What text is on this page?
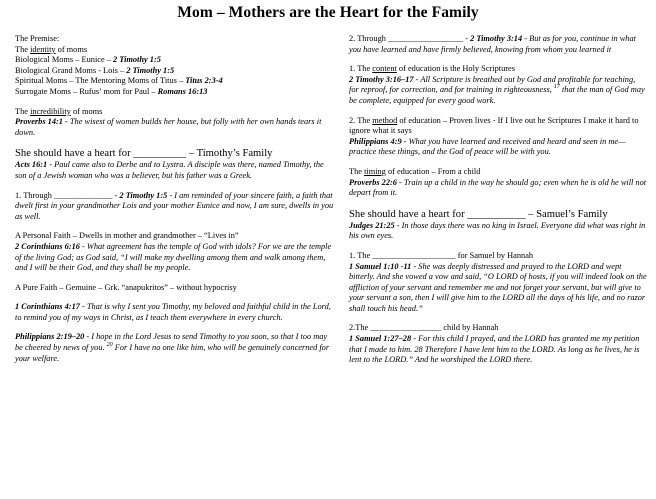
Mom – Mothers are the Heart for the Family
The Premise:
The identity of moms
Biological Moms – Eunice – 2 Timothy 1:5
Biological Grand Moms - Lois – 2 Timothy 1:5
Spiritual Moms – The Mentoring Moms of Titus – Titus 2:3-4
Surrogate Moms – Rufus’ mom for Paul – Romans 16:13
The incredibility of moms
Proverbs 14:1 - The wisest of women builds her house, but folly with her own hands tears it down.
She should have a heart for __________ – Timothy’s Family
Acts 16:1 - Paul came also to Derbe and to Lystra. A disciple was there, named Timothy, the son of a Jewish woman who was a believer, but his father was a Greek.
1. Through ______________ - 2 Timothy 1:5 - I am reminded of your sincere faith, a faith that dwelt first in your grandmother Lois and your mother Eunice and now, I am sure, dwells in you as well.
A Personal Faith – Dwells in mother and grandmother – “Lives in”
2 Corinthians 6:16 - What agreement has the temple of God with idols? For we are the temple of the living God; as God said, “I will make my dwelling among them and walk among them, and I will be their God, and they shall be my people.
A Pure Faith – Gemuine – Grk. “anapukritos” – without hypocrisy
1 Corinthians 4:17 - That is why I sent you Timothy, my beloved and faithful child in the Lord, to remind you of my ways in Christ, as I teach them everywhere in every church.
Philippians 2:19–20 - I hope in the Lord Jesus to send Timothy to you soon, so that I too may be cheered by news of you. $^{20}$ For I have no one like him, who will be genuinely concerned for your welfare.
2. Through __________________ - 2 Timothy 3:14 - But as for you, continue in what you have learned and have firmly believed, knowing from whom you learned it
1. The content of education is the Holy Scriptures
2 Timothy 3:16–17 - All Scripture is breathed out by God and profitable for teaching, for reproof, for correction, and for training in righteousness, $^{17}$ that the man of God may be complete, equipped for every good work.
2. The method of education – Proven lives - If I live out he Scriptures I make it hard to ignore what it says
Philippians 4:9 - What you have learned and received and heard and seen in me—practice these things, and the God of peace will be with you.
The timing of education – From a child
Proverbs 22:6 - Train up a child in the way he should go; even when he is old he will not depart from it.
She should have a heart for ___________ – Samuel’s Family
Judges 21:25 - In those days there was no king in Israel. Everyone did what was right in his own eyes.
1. The ____________________ for Samuel by Hannah
1 Samuel 1:10 -11 - She was deeply distressed and prayed to the LORD and wept bitterly. And she vowed a vow and said, “O LORD of hosts, if you will indeed look on the affliction of your servant and remember me and not forget your servant, but will give to your servant a son, then I will give him to the LORD all the days of his life, and no razor shall touch his head.”
2.The _________________ child by Hannah
1 Samuel 1:27–28 - For this child I prayed, and the LORD has granted me my petition that I made to him. 28 Therefore I have lent him to the LORD. As long as he lives, he is lent to the LORD.” And he worshiped the LORD there.
